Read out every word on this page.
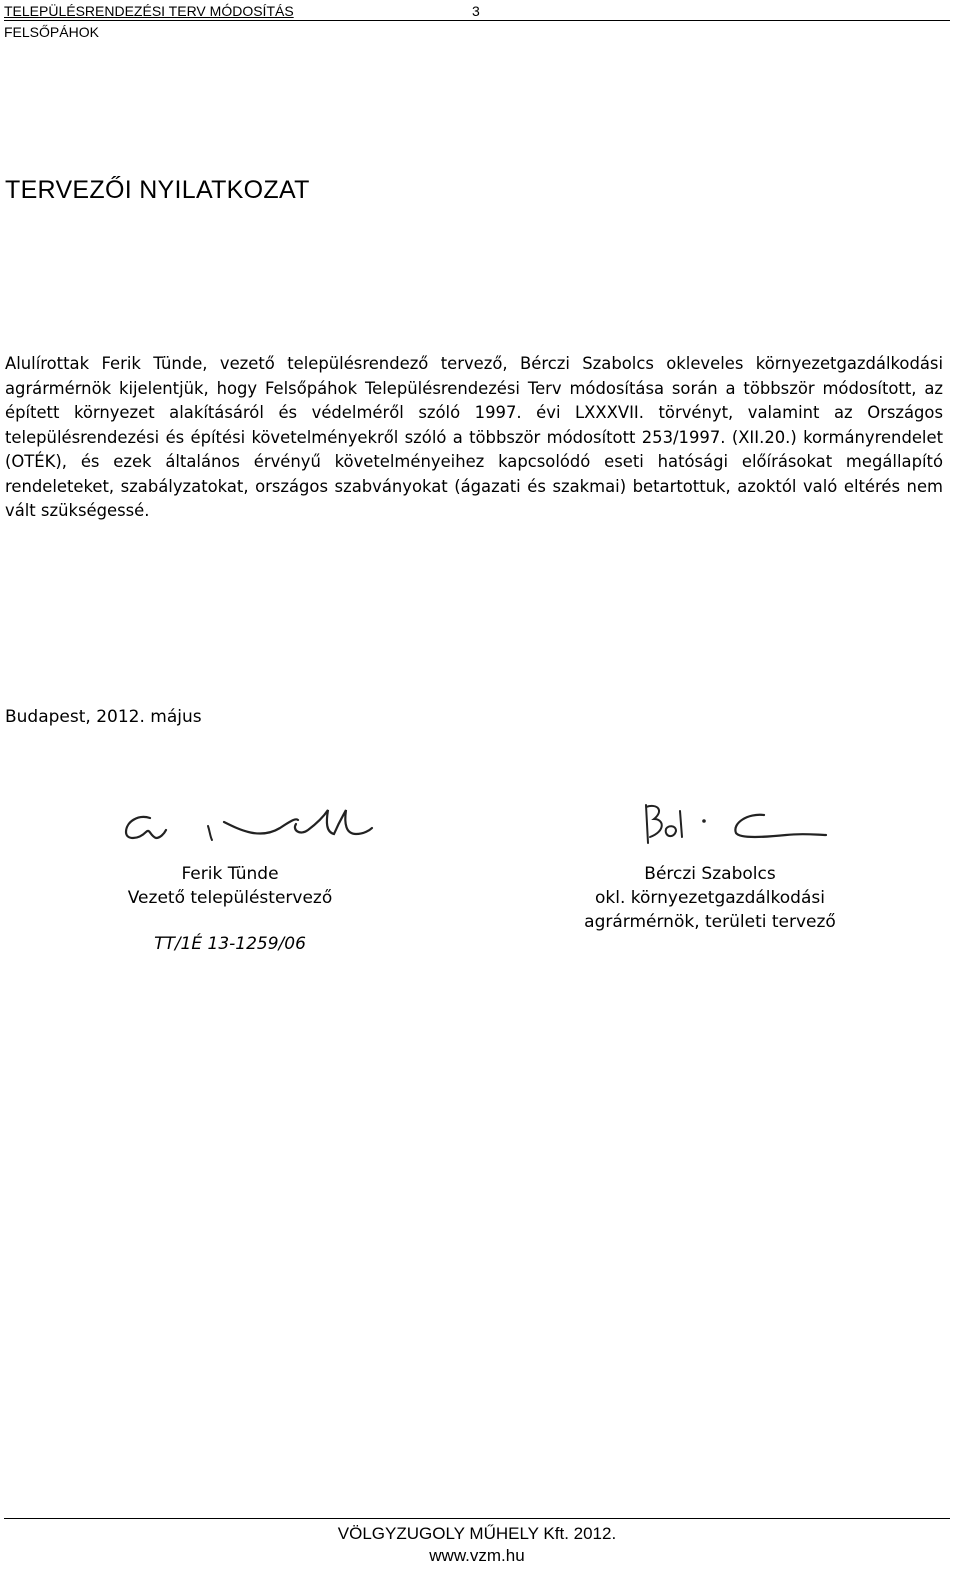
TELEPÜLÉSRENDEZÉSI TERV MÓDOSÍTÁS	3
FELSŐPÁHOK
TERVEZŐI NYILATKOZAT
Alulírottak Ferik Tünde, vezető településrendező tervező, Bérczi Szabolcs okleveles környezetgazdálkodási agrármérnök kijelentjük, hogy Felsőpáhok Településrendezési Terv módosítása során a többször módosított, az épített környezet alakításáról és védelméről szóló 1997. évi LXXXVII. törvényt, valamint az Országos településrendezési és építési követelményekről szóló a többször módosított 253/1997. (XII.20.) kormányrendelet (OTÉK), és ezek általános érvényű követelményeihez kapcsolódó eseti hatósági előírásokat megállapító rendeleteket, szabályzatokat, országos szabványokat (ágazati és szakmai) betartottuk, azoktól való eltérés nem vált szükségessé.
Budapest, 2012. május
Ferik Tünde
Vezető településtervező
TT/1É 13-1259/06
Bérczi Szabolcs
okl. környezetgazdálkodási
agrármérnök, területi tervező
VÖLGYZUGOLY MŰHELY Kft. 2012.
www.vzm.hu
